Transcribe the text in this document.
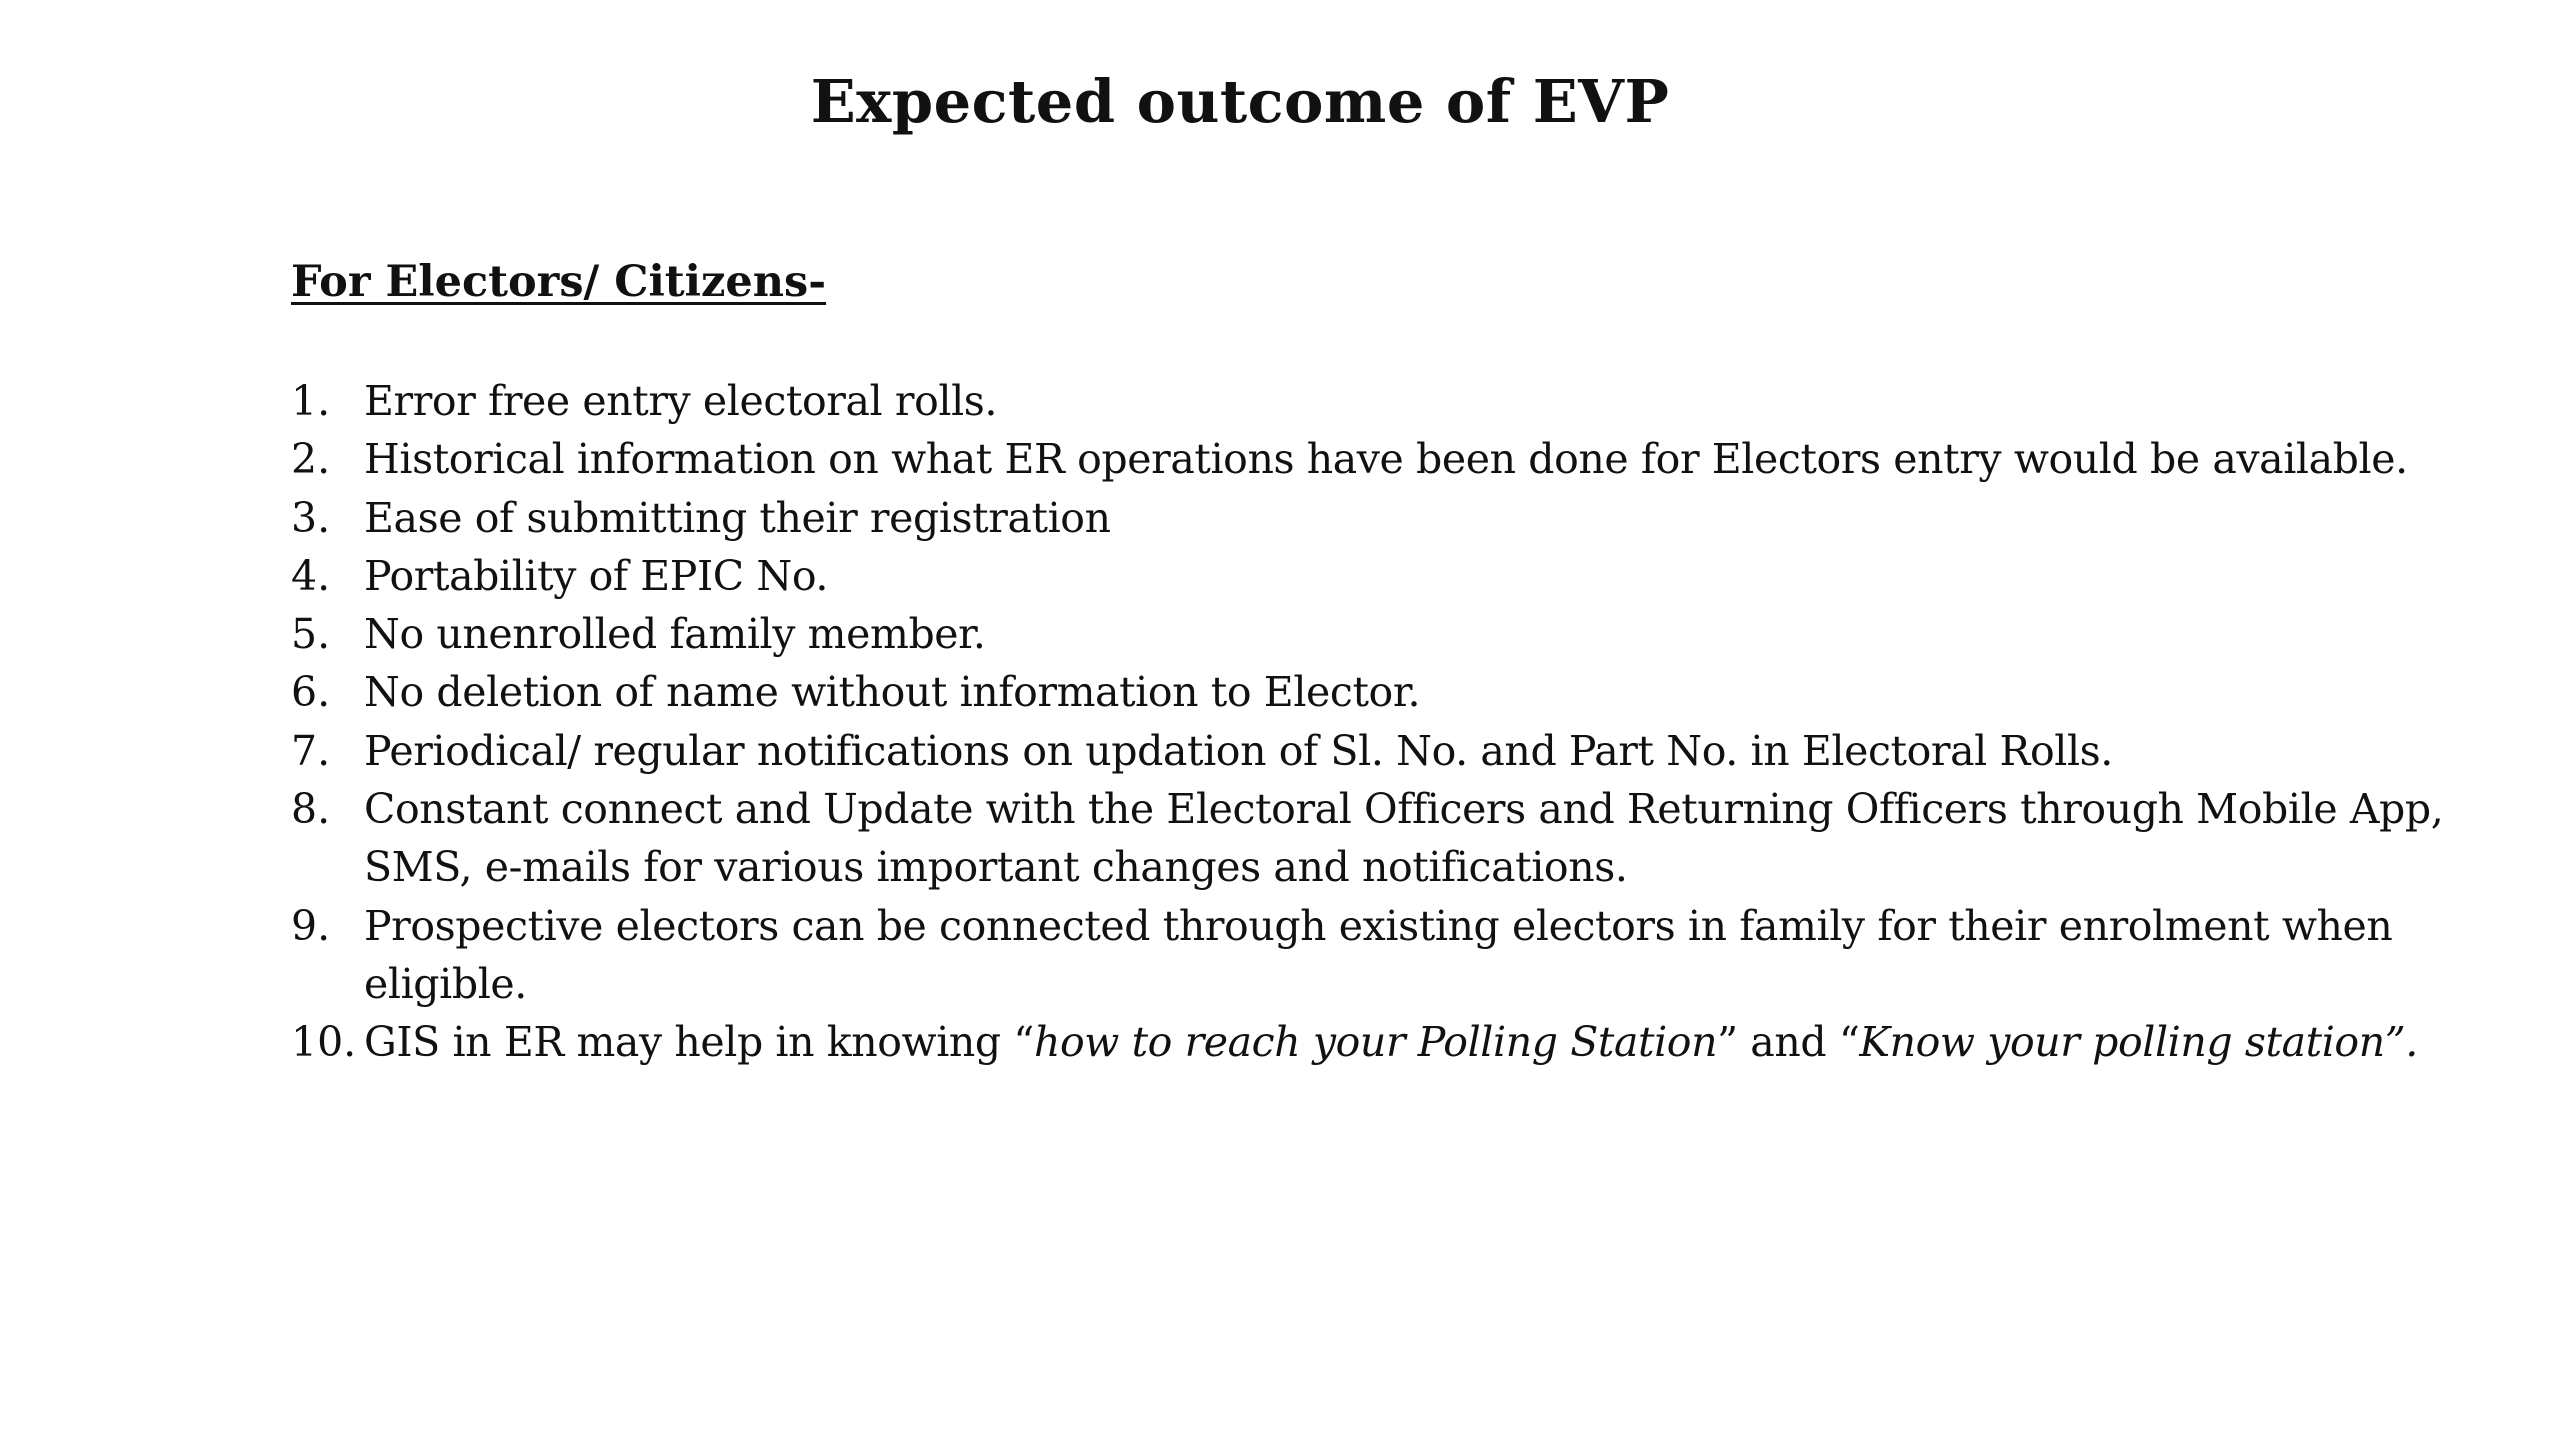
Expected outcome of EVP
For Electors/ Citizens-
1. Error free entry electoral rolls.
2. Historical information on what ER operations have been done for Electors entry would be available.
3. Ease of submitting their registration
4. Portability of EPIC No.
5. No unenrolled family member.
6. No deletion of name without information to Elector.
7. Periodical/ regular notifications on updation of Sl. No. and Part No. in Electoral Rolls.
8. Constant connect and Update with the Electoral Officers and Returning Officers through Mobile App, SMS, e-mails for various important changes and notifications.
9. Prospective electors can be connected through existing electors in family for their enrolment when eligible.
10. GIS in ER may help in knowing “how to reach your Polling Station” and “Know your polling station”.
